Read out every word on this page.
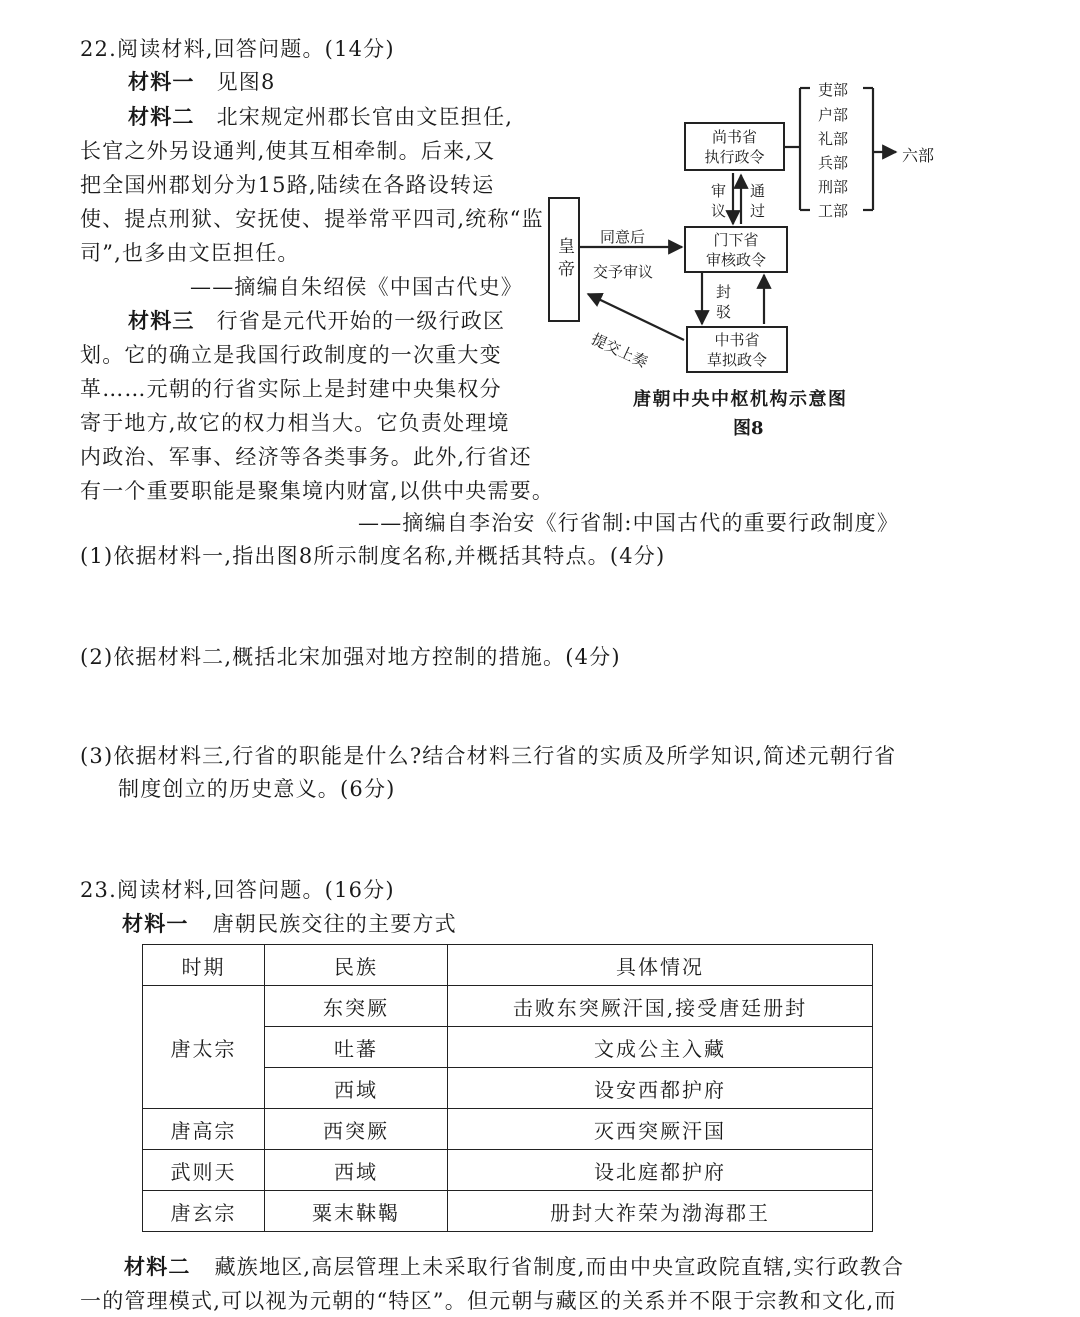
22.阅读材料,回答问题。(14分)
材料一 见图8
材料二 北宋规定州郡长官由文臣担任,
长官之外另设通判,使其互相牵制。后来,又
把全国州郡划分为15路,陆续在各路设转运
使、提点刑狱、安抚使、提举常平四司,统称“监
司”,也多由文臣担任。
——摘编自朱绍侯《中国古代史》
材料三 行省是元代开始的一级行政区
划。它的确立是我国行政制度的一次重大变
革……元朝的行省实际上是封建中央集权分
寄于地方,故它的权力相当大。它负责处理境
内政治、军事、经济等各类事务。此外,行省还
有一个重要职能是聚集境内财富,以供中央需要。
——摘编自李治安《行省制:中国古代的重要行政制度》
(1)依据材料一,指出图8所示制度名称,并概括其特点。(4分)
(2)依据材料二,概括北宋加强对地方控制的措施。(4分)
(3)依据材料三,行省的职能是什么?结合材料三行省的实质及所学知识,简述元朝行省
制度创立的历史意义。(6分)
皇帝
尚书省
执行政令
门下省
审核政令
中书省
草拟政令
吏部
户部
礼部
兵部
刑部
工部
六部
同意后
交予审议
提交上奏
审
议
通
过
封
驳
唐朝中央中枢机构示意图
图8
23.阅读材料,回答问题。(16分)
材料一 唐朝民族交往的主要方式
时期	民族	具体情况
唐太宗	东突厥	击败东突厥汗国,接受唐廷册封
	吐蕃	文成公主入藏
	西域	设安西都护府
唐高宗	西突厥	灭西突厥汗国
武则天	西域	设北庭都护府
唐玄宗	粟末靺鞨	册封大祚荣为渤海郡王
材料二 藏族地区,高层管理上未采取行省制度,而由中央宣政院直辖,实行政教合
一的管理模式,可以视为元朝的“特区”。但元朝与藏区的关系并不限于宗教和文化,而
